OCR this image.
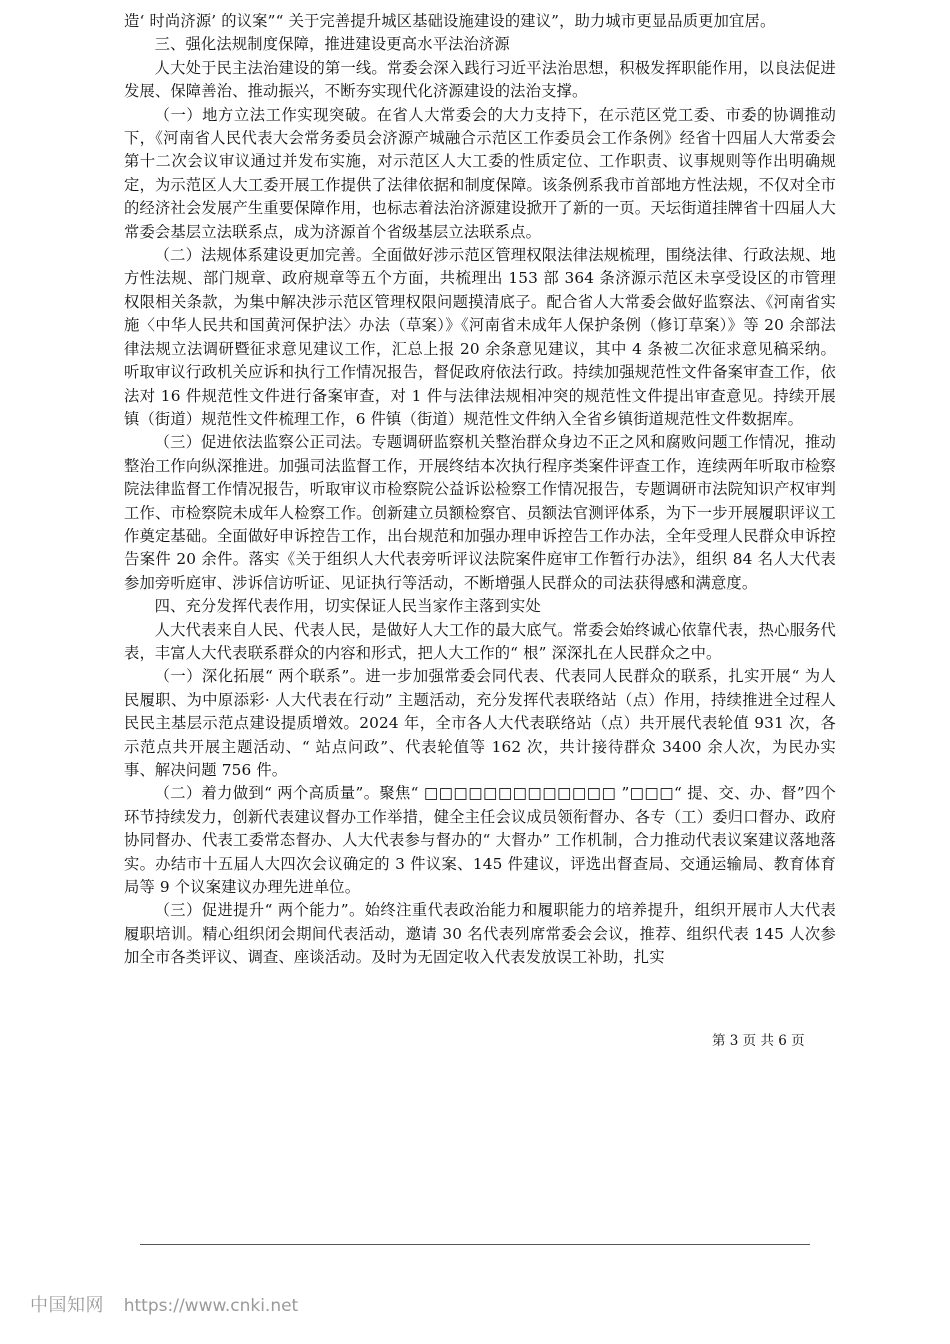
造‘ 时尚济源’ 的议案”“ 关于完善提升城区基础设施建设的建议”，助力城市更显品质更加宜居。

三、强化法规制度保障，推进建设更高水平法治济源

人大处于民主法治建设的第一线。常委会深入践行习近平法治思想，积极发挥职能作用，以良法促进发展、保障善治、推动振兴，不断夯实现代化济源建设的法治支撑。

（一）地方立法工作实现突破。在省人大常委会的大力支持下，在示范区党工委、市委的协调推动下，《河南省人民代表大会常务委员会济源产城融合示范区工作委员会工作条例》经省十四届人大常委会第十二次会议审议通过并发布实施，对示范区人大工委的性质定位、工作职责、议事规则等作出明确规定，为示范区人大工委开展工作提供了法律依据和制度保障。该条例系我市首部地方性法规，不仅对全市的经济社会发展产生重要保障作用，也标志着法治济源建设掀开了新的一页。天坛街道挂牌省十四届人大常委会基层立法联系点，成为济源首个省级基层立法联系点。

（二）法规体系建设更加完善。全面做好涉示范区管理权限法律法规梳理，围绕法律、行政法规、地方性法规、部门规章、政府规章等五个方面，共梳理出 153 部 364 条济源示范区未享受设区的市管理权限相关条款，为集中解决涉示范区管理权限问题摸清底子。配合省人大常委会做好监察法、《河南省实施〈中华人民共和国黄河保护法〉办法（草案）》《河南省未成年人保护条例（修订草案）》等 20 余部法律法规立法调研暨征求意见建议工作，汇总上报 20 余条意见建议，其中 4 条被二次征求意见稿采纳。听取审议行政机关应诉和执行工作情况报告，督促政府依法行政。持续加强规范性文件备案审查工作，依法对 16 件规范性文件进行备案审查，对 1 件与法律法规相冲突的规范性文件提出审查意见。持续开展镇（街道）规范性文件梳理工作，6 件镇（街道）规范性文件纳入全省乡镇街道规范性文件数据库。

（三）促进依法监察公正司法。专题调研监察机关整治群众身边不正之风和腐败问题工作情况，推动整治工作向纵深推进。加强司法监督工作，开展终结本次执行程序类案件评查工作，连续两年听取市检察院法律监督工作情况报告，听取审议市检察院公益诉讼检察工作情况报告，专题调研市法院知识产权审判工作、市检察院未成年人检察工作。创新建立员额检察官、员额法官测评体系，为下一步开展履职评议工作奠定基础。全面做好申诉控告工作，出台规范和加强办理申诉控告工作办法，全年受理人民群众申诉控告案件 20 余件。落实《关于组织人大代表旁听评议法院案件庭审工作暂行办法》，组织 84 名人大代表参加旁听庭审、涉诉信访听证、见证执行等活动，不断增强人民群众的司法获得感和满意度。

四、充分发挥代表作用，切实保证人民当家作主落到实处

人大代表来自人民、代表人民，是做好人大工作的最大底气。常委会始终诚心依靠代表，热心服务代表，丰富人大代表联系群众的内容和形式，把人大工作的“ 根” 深深扎在人民群众之中。

（一）深化拓展“ 两个联系”。进一步加强常委会同代表、代表同人民群众的联系，扎实开展“ 为人民履职、为中原添彩· 人大代表在行动” 主题活动，充分发挥代表联络站（点）作用，持续推进全过程人民民主基层示范点建设提质增效。2024 年，全市各人大代表联络站（点）共开展代表轮值 931 次，各示范点共开展主题活动、“ 站点问政”、代表轮值等 162 次，共计接待群众 3400 余人次，为民办实事、解决问题 756 件。

（二）着力做到“ 两个高质量”。聚焦“ □□□□□□□□□□□□□ ”□□□“ 提、交、办、督”四个环节持续发力，创新代表建议督办工作举措，健全主任会议成员领衔督办、各专（工）委归口督办、政府协同督办、代表工委常态督办、人大代表参与督办的“ 大督办” 工作机制，合力推动代表议案建议落地落实。办结市十五届人大四次会议确定的 3 件议案、145 件建议，评选出督查局、交通运输局、教育体育局等 9 个议案建议办理先进单位。

（三）促进提升“ 两个能力”。始终注重代表政治能力和履职能力的培养提升，组织开展市人大代表履职培训。精心组织闭会期间代表活动，邀请 30 名代表列席常委会会议，推荐、组织代表 145 人次参加全市各类评议、调查、座谈活动。及时为无固定收入代表发放误工补助，扎实

第 3 页 共 6 页
中国知网 https://www.cnki.net
